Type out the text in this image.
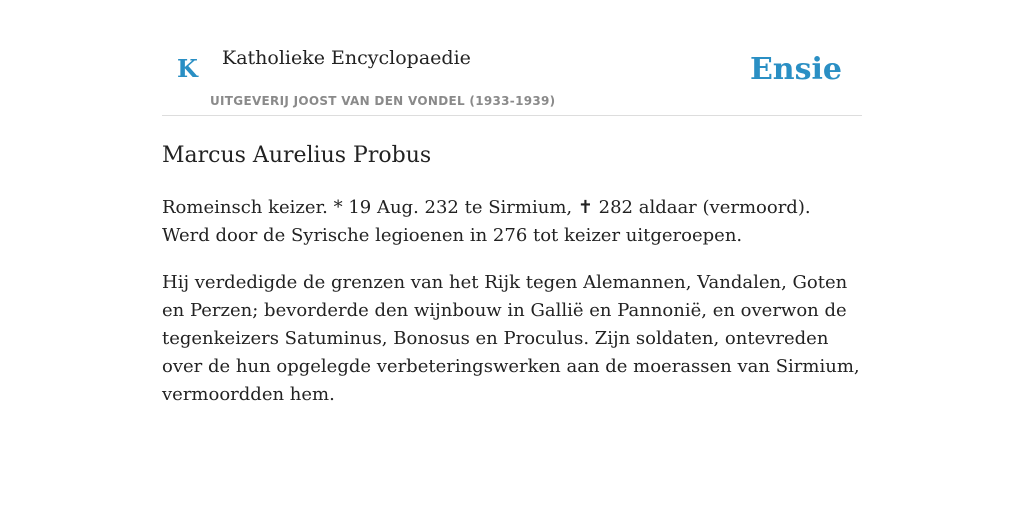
K Katholieke Encyclopaedie
UITGEVERIJ JOOST VAN DEN VONDEL (1933-1939)
Ensie
Marcus Aurelius Probus

Romeinsch keizer. * 19 Aug. 232 te Sirmium, ✝ 282 aldaar (vermoord). Werd door de Syrische legioenen in 276 tot keizer uitgeroepen.

Hij verdedigde de grenzen van het Rijk tegen Alemannen, Vandalen, Goten en Perzen; bevorderde den wijnbouw in Gallië en Pannonië, en overwon de tegenkeizers Satuminus, Bonosus en Proculus. Zijn soldaten, ontevreden over de hun opgelegde verbeteringswerken aan de moerassen van Sirmium, vermoordden hem.
